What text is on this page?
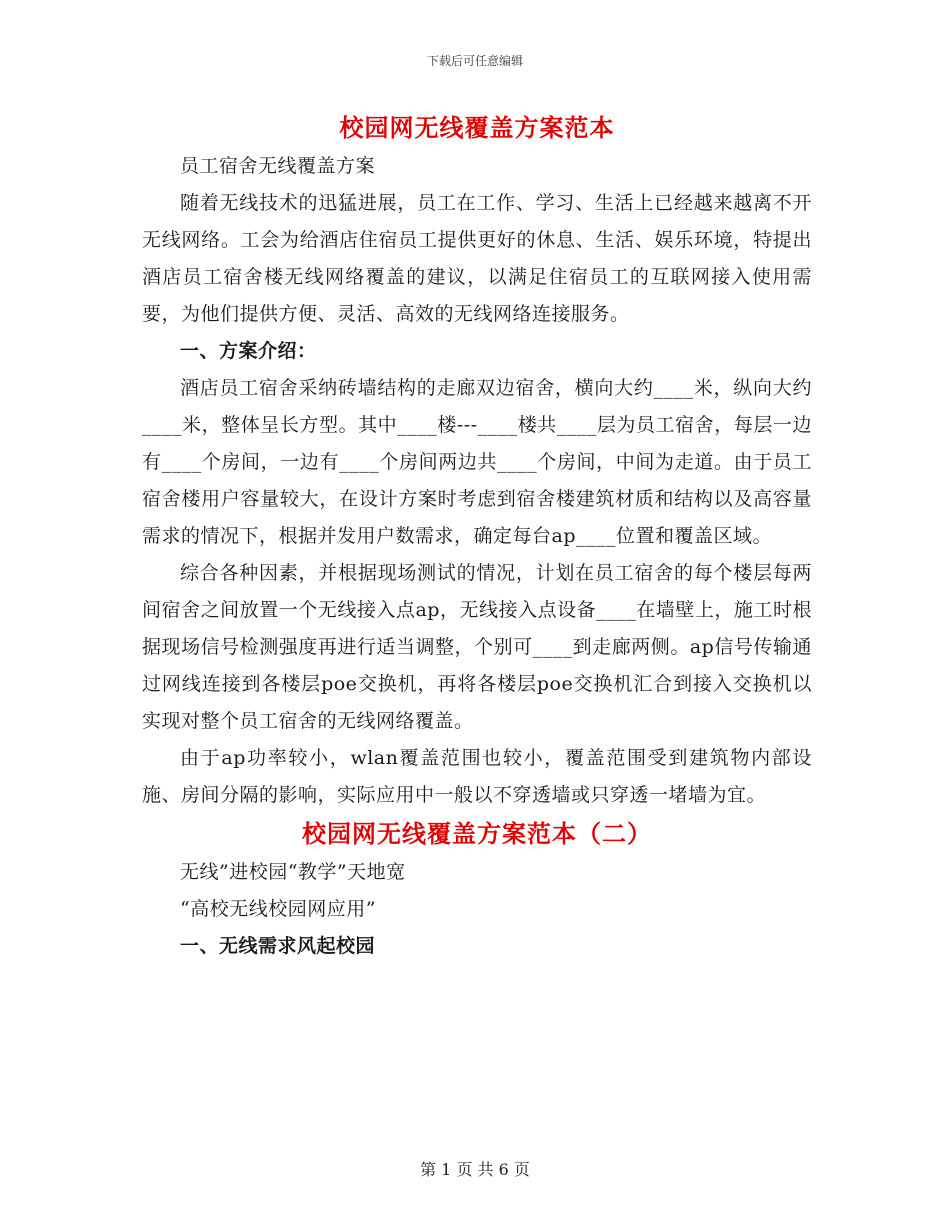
下载后可任意编辑
校园网无线覆盖方案范本

员工宿舍无线覆盖方案

随着无线技术的迅猛进展，员工在工作、学习、生活上已经越来越离不开无线网络。工会为给酒店住宿员工提供更好的休息、生活、娱乐环境，特提出酒店员工宿舍楼无线网络覆盖的建议，以满足住宿员工的互联网接入使用需要，为他们提供方便、灵活、高效的无线网络连接服务。

一、方案介绍：

酒店员工宿舍采纳砖墙结构的走廊双边宿舍，横向大约____米，纵向大约____米，整体呈长方型。其中____楼---____楼共____层为员工宿舍，每层一边有____个房间，一边有____个房间两边共____个房间，中间为走道。由于员工宿舍楼用户容量较大，在设计方案时考虑到宿舍楼建筑材质和结构以及高容量需求的情况下，根据并发用户数需求，确定每台ap____位置和覆盖区域。

综合各种因素，并根据现场测试的情况，计划在员工宿舍的每个楼层每两间宿舍之间放置一个无线接入点ap，无线接入点设备____在墙壁上，施工时根据现场信号检测强度再进行适当调整，个别可____到走廊两侧。ap信号传输通过网线连接到各楼层poe交换机，再将各楼层poe交换机汇合到接入交换机以实现对整个员工宿舍的无线网络覆盖。

由于ap功率较小，wlan覆盖范围也较小，覆盖范围受到建筑物内部设施、房间分隔的影响，实际应用中一般以不穿透墙或只穿透一堵墙为宜。

校园网无线覆盖方案范本（二）

无线”进校园“教学”天地宽

“高校无线校园网应用”

一、无线需求风起校园

第 1 页 共 6 页
